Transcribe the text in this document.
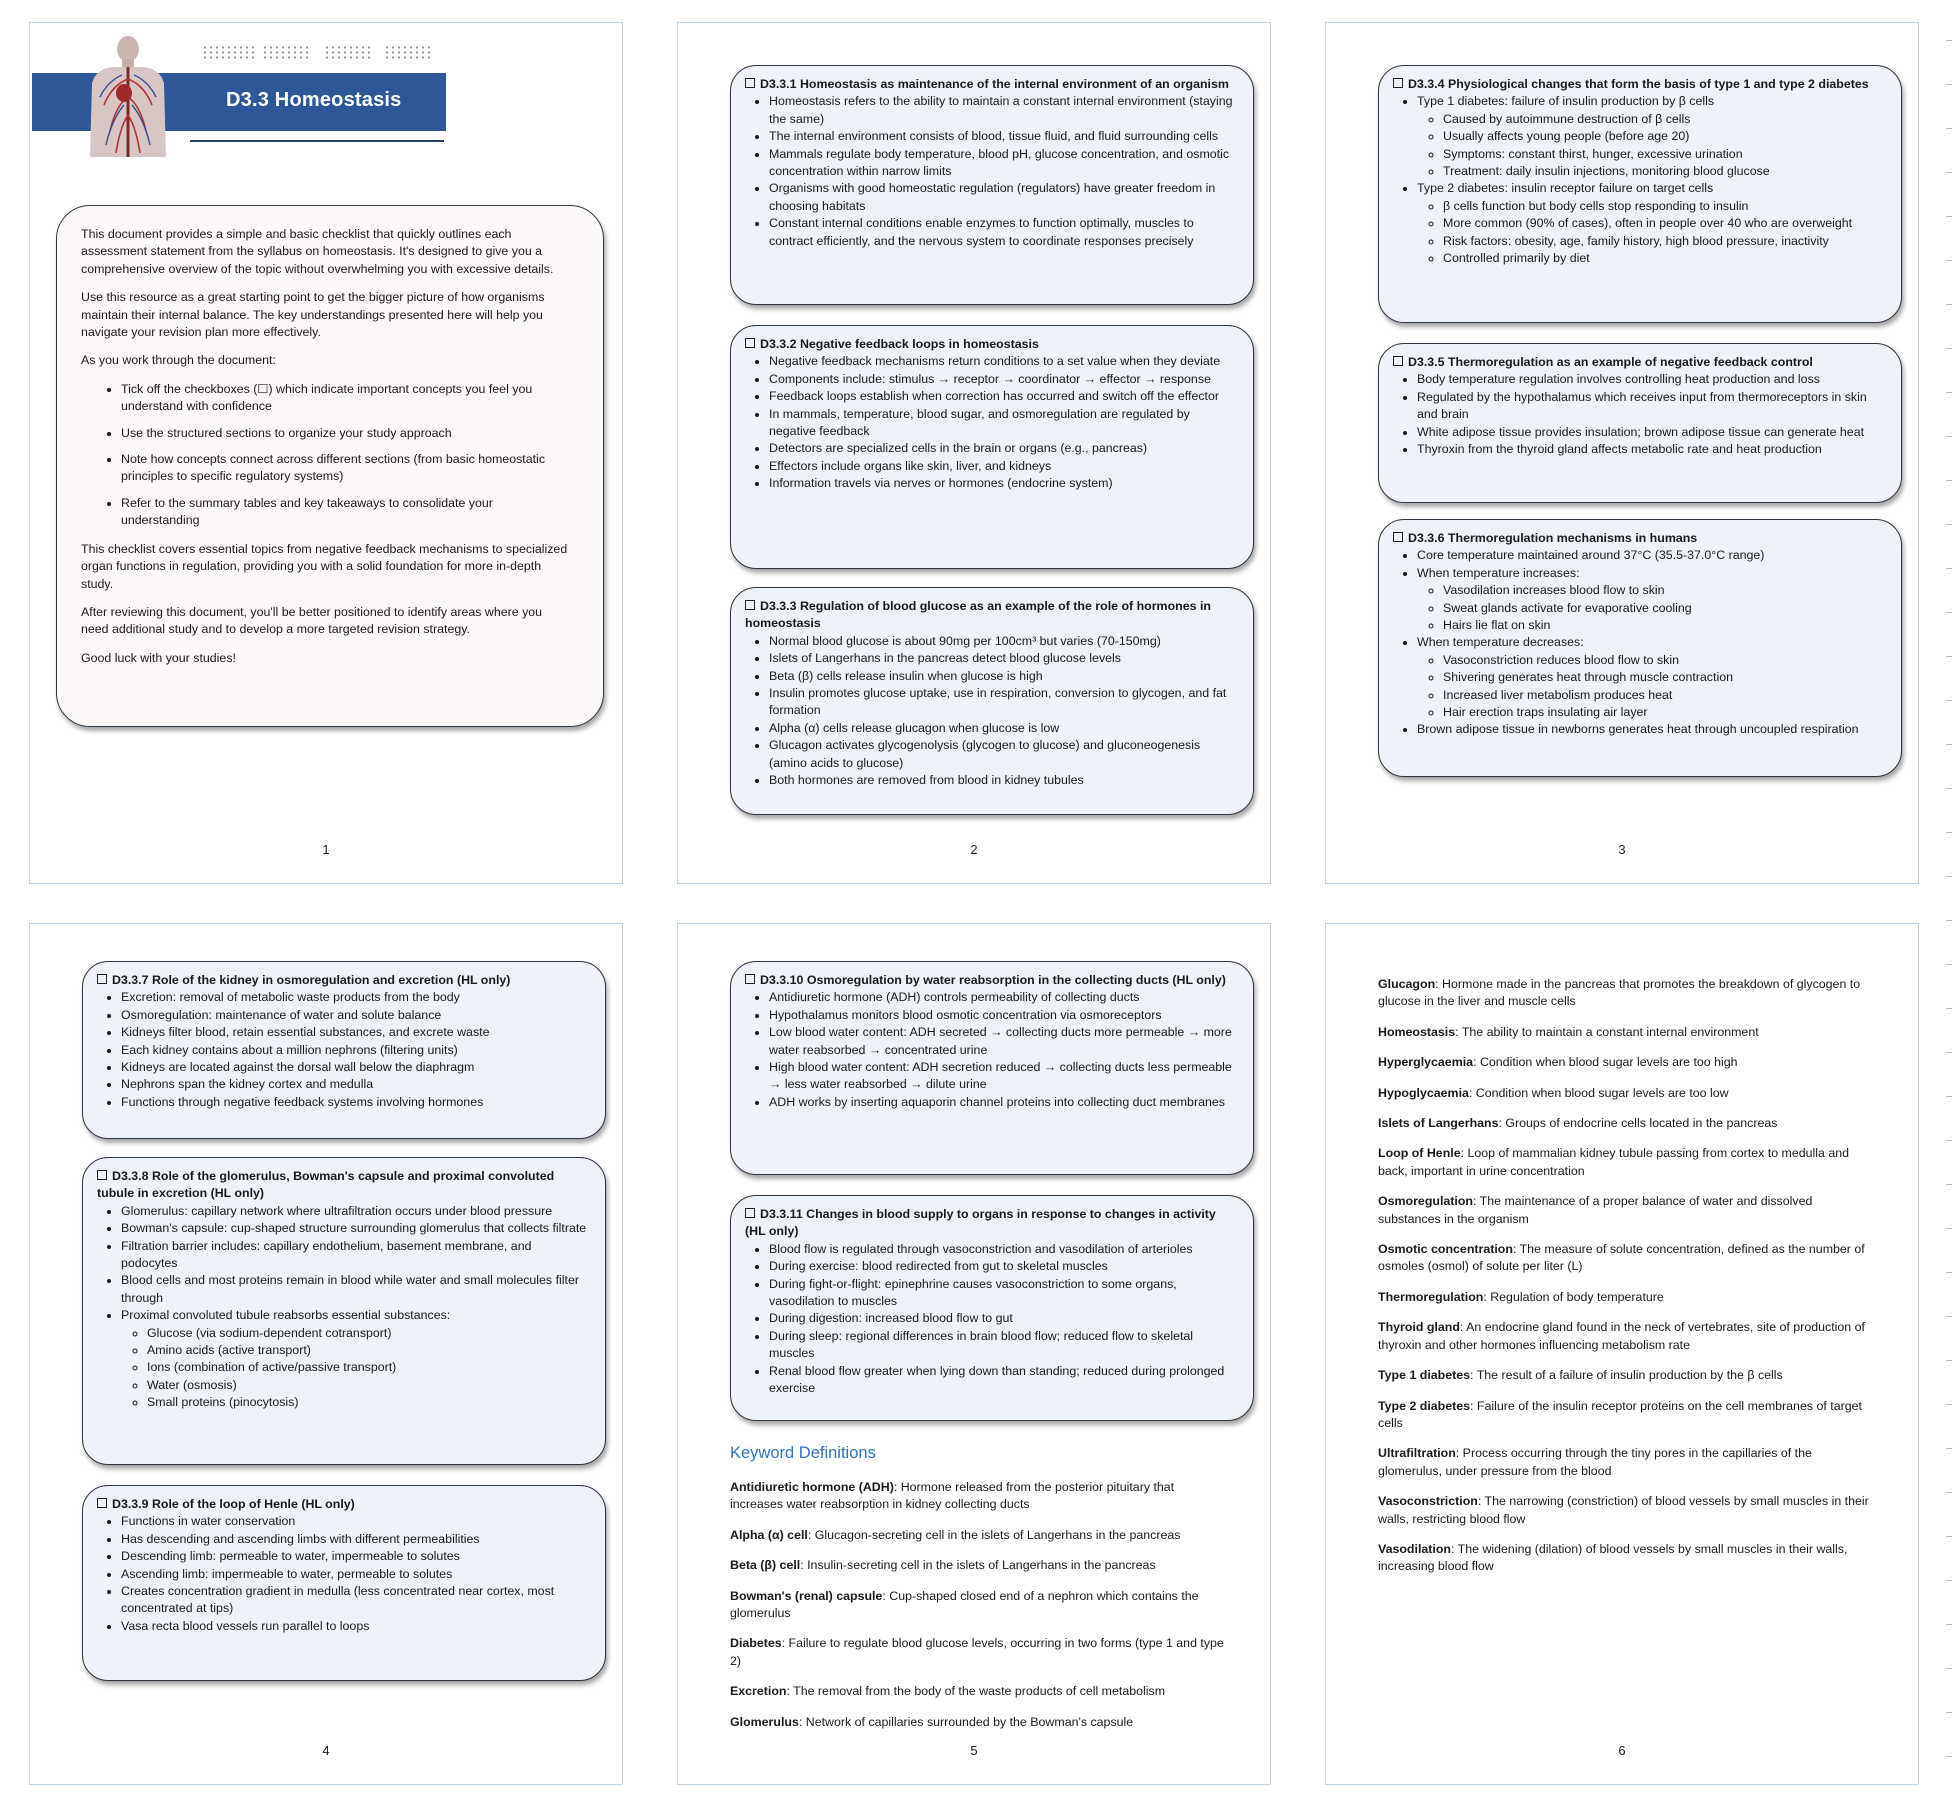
D3.3 Homeostasis

This document provides a simple and basic checklist that quickly outlines each assessment statement from the syllabus on homeostasis. It's designed to give you a comprehensive overview of the topic without overwhelming you with excessive details.

Use this resource as a great starting point to get the bigger picture of how organisms maintain their internal balance. The key understandings presented here will help you navigate your revision plan more effectively.

As you work through the document:

• Tick off the checkboxes (☐) which indicate important concepts you feel you understand with confidence
• Use the structured sections to organize your study approach
• Note how concepts connect across different sections (from basic homeostatic principles to specific regulatory systems)
• Refer to the summary tables and key takeaways to consolidate your understanding

This checklist covers essential topics from negative feedback mechanisms to specialized organ functions in regulation, providing you with a solid foundation for more in-depth study.

After reviewing this document, you'll be better positioned to identify areas where you need additional study and to develop a more targeted revision strategy.

Good luck with your studies!

1
D3.3.1 Homeostasis as maintenance of the internal environment of an organism
• Homeostasis refers to the ability to maintain a constant internal environment (staying the same)
• The internal environment consists of blood, tissue fluid, and fluid surrounding cells
• Mammals regulate body temperature, blood pH, glucose concentration, and osmotic concentration within narrow limits
• Organisms with good homeostatic regulation (regulators) have greater freedom in choosing habitats
• Constant internal conditions enable enzymes to function optimally, muscles to contract efficiently, and the nervous system to coordinate responses precisely
D3.3.2 Negative feedback loops in homeostasis
• Negative feedback mechanisms return conditions to a set value when they deviate
• Components include: stimulus → receptor → coordinator → effector → response
• Feedback loops establish when correction has occurred and switch off the effector
• In mammals, temperature, blood sugar, and osmoregulation are regulated by negative feedback
• Detectors are specialized cells in the brain or organs (e.g., pancreas)
• Effectors include organs like skin, liver, and kidneys
• Information travels via nerves or hormones (endocrine system)
D3.3.3 Regulation of blood glucose as an example of the role of hormones in homeostasis
• Normal blood glucose is about 90mg per 100cm³ but varies (70-150mg)
• Islets of Langerhans in the pancreas detect blood glucose levels
• Beta (β) cells release insulin when glucose is high
• Insulin promotes glucose uptake, use in respiration, conversion to glycogen, and fat formation
• Alpha (α) cells release glucagon when glucose is low
• Glucagon activates glycogenolysis (glycogen to glucose) and gluconeogenesis (amino acids to glucose)
• Both hormones are removed from blood in kidney tubules
2
D3.3.4 Physiological changes that form the basis of type 1 and type 2 diabetes
• Type 1 diabetes: failure of insulin production by β cells
◦ Caused by autoimmune destruction of β cells
◦ Usually affects young people (before age 20)
◦ Symptoms: constant thirst, hunger, excessive urination
◦ Treatment: daily insulin injections, monitoring blood glucose
• Type 2 diabetes: insulin receptor failure on target cells
◦ β cells function but body cells stop responding to insulin
◦ More common (90% of cases), often in people over 40 who are overweight
◦ Risk factors: obesity, age, family history, high blood pressure, inactivity
◦ Controlled primarily by diet
D3.3.5 Thermoregulation as an example of negative feedback control
• Body temperature regulation involves controlling heat production and loss
• Regulated by the hypothalamus which receives input from thermoreceptors in skin and brain
• White adipose tissue provides insulation; brown adipose tissue can generate heat
• Thyroxin from the thyroid gland affects metabolic rate and heat production
D3.3.6 Thermoregulation mechanisms in humans
• Core temperature maintained around 37°C (35.5-37.0°C range)
• When temperature increases:
◦ Vasodilation increases blood flow to skin
◦ Sweat glands activate for evaporative cooling
◦ Hairs lie flat on skin
• When temperature decreases:
◦ Vasoconstriction reduces blood flow to skin
◦ Shivering generates heat through muscle contraction
◦ Increased liver metabolism produces heat
◦ Hair erection traps insulating air layer
• Brown adipose tissue in newborns generates heat through uncoupled respiration
3
D3.3.7 Role of the kidney in osmoregulation and excretion (HL only)
• Excretion: removal of metabolic waste products from the body
• Osmoregulation: maintenance of water and solute balance
• Kidneys filter blood, retain essential substances, and excrete waste
• Each kidney contains about a million nephrons (filtering units)
• Kidneys are located against the dorsal wall below the diaphragm
• Nephrons span the kidney cortex and medulla
• Functions through negative feedback systems involving hormones
D3.3.8 Role of the glomerulus, Bowman's capsule and proximal convoluted tubule in excretion (HL only)
• Glomerulus: capillary network where ultrafiltration occurs under blood pressure
• Bowman's capsule: cup-shaped structure surrounding glomerulus that collects filtrate
• Filtration barrier includes: capillary endothelium, basement membrane, and podocytes
• Blood cells and most proteins remain in blood while water and small molecules filter through
• Proximal convoluted tubule reabsorbs essential substances:
◦ Glucose (via sodium-dependent cotransport)
◦ Amino acids (active transport)
◦ Ions (combination of active/passive transport)
◦ Water (osmosis)
◦ Small proteins (pinocytosis)
D3.3.9 Role of the loop of Henle (HL only)
• Functions in water conservation
• Has descending and ascending limbs with different permeabilities
• Descending limb: permeable to water, impermeable to solutes
• Ascending limb: impermeable to water, permeable to solutes
• Creates concentration gradient in medulla (less concentrated near cortex, most concentrated at tips)
• Vasa recta blood vessels run parallel to loops
4
D3.3.10 Osmoregulation by water reabsorption in the collecting ducts (HL only)
• Antidiuretic hormone (ADH) controls permeability of collecting ducts
• Hypothalamus monitors blood osmotic concentration via osmoreceptors
• Low blood water content: ADH secreted → collecting ducts more permeable → more water reabsorbed → concentrated urine
• High blood water content: ADH secretion reduced → collecting ducts less permeable → less water reabsorbed → dilute urine
• ADH works by inserting aquaporin channel proteins into collecting duct membranes
D3.3.11 Changes in blood supply to organs in response to changes in activity (HL only)
• Blood flow is regulated through vasoconstriction and vasodilation of arterioles
• During exercise: blood redirected from gut to skeletal muscles
• During fight-or-flight: epinephrine causes vasoconstriction to some organs, vasodilation to muscles
• During digestion: increased blood flow to gut
• During sleep: regional differences in brain blood flow; reduced flow to skeletal muscles
• Renal blood flow greater when lying down than standing; reduced during prolonged exercise
Keyword Definitions

Antidiuretic hormone (ADH): Hormone released from the posterior pituitary that increases water reabsorption in kidney collecting ducts

Alpha (α) cell: Glucagon-secreting cell in the islets of Langerhans in the pancreas

Beta (β) cell: Insulin-secreting cell in the islets of Langerhans in the pancreas

Bowman's (renal) capsule: Cup-shaped closed end of a nephron which contains the glomerulus

Diabetes: Failure to regulate blood glucose levels, occurring in two forms (type 1 and type 2)

Excretion: The removal from the body of the waste products of cell metabolism

Glomerulus: Network of capillaries surrounded by the Bowman's capsule

5

Glucagon: Hormone made in the pancreas that promotes the breakdown of glycogen to glucose in the liver and muscle cells

Homeostasis: The ability to maintain a constant internal environment

Hyperglycaemia: Condition when blood sugar levels are too high

Hypoglycaemia: Condition when blood sugar levels are too low

Islets of Langerhans: Groups of endocrine cells located in the pancreas

Loop of Henle: Loop of mammalian kidney tubule passing from cortex to medulla and back, important in urine concentration

Osmoregulation: The maintenance of a proper balance of water and dissolved substances in the organism

Osmotic concentration: The measure of solute concentration, defined as the number of osmoles (osmol) of solute per liter (L)

Thermoregulation: Regulation of body temperature

Thyroid gland: An endocrine gland found in the neck of vertebrates, site of production of thyroxin and other hormones influencing metabolism rate

Type 1 diabetes: The result of a failure of insulin production by the β cells

Type 2 diabetes: Failure of the insulin receptor proteins on the cell membranes of target cells

Ultrafiltration: Process occurring through the tiny pores in the capillaries of the glomerulus, under pressure from the blood

Vasoconstriction: The narrowing (constriction) of blood vessels by small muscles in their walls, restricting blood flow

Vasodilation: The widening (dilation) of blood vessels by small muscles in their walls, increasing blood flow

6
